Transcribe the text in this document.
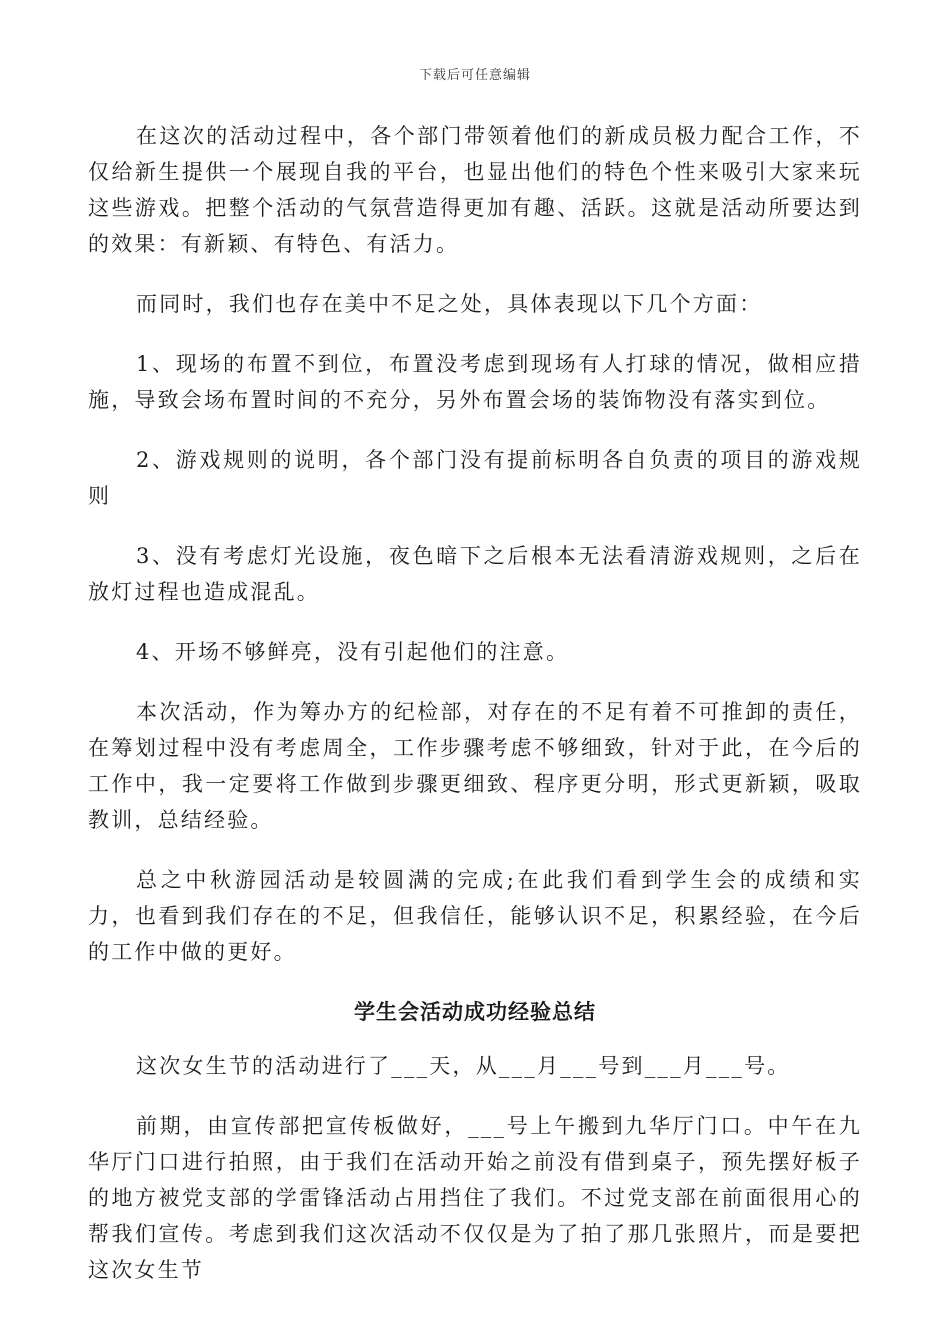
下载后可任意编辑

在这次的活动过程中，各个部门带领着他们的新成员极力配合工作，不仅给新生提供一个展现自我的平台，也显出他们的特色个性来吸引大家来玩这些游戏。把整个活动的气氛营造得更加有趣、活跃。这就是活动所要达到的效果：有新颖、有特色、有活力。

而同时，我们也存在美中不足之处，具体表现以下几个方面：

1、现场的布置不到位，布置没考虑到现场有人打球的情况，做相应措施，导致会场布置时间的不充分，另外布置会场的装饰物没有落实到位。

2、游戏规则的说明，各个部门没有提前标明各自负责的项目的游戏规则

3、没有考虑灯光设施，夜色暗下之后根本无法看清游戏规则，之后在放灯过程也造成混乱。

4、开场不够鲜亮，没有引起他们的注意。

本次活动，作为筹办方的纪检部，对存在的不足有着不可推卸的责任，在筹划过程中没有考虑周全，工作步骤考虑不够细致，针对于此，在今后的工作中，我一定要将工作做到步骤更细致、程序更分明，形式更新颖，吸取教训，总结经验。

总之中秋游园活动是较圆满的完成;在此我们看到学生会的成绩和实力，也看到我们存在的不足，但我信任，能够认识不足，积累经验，在今后的工作中做的更好。

学生会活动成功经验总结

这次女生节的活动进行了___天，从___月___号到___月___号。

前期，由宣传部把宣传板做好，___号上午搬到九华厅门口。中午在九华厅门口进行拍照，由于我们在活动开始之前没有借到桌子，预先摆好板子的地方被党支部的学雷锋活动占用挡住了我们。不过党支部在前面很用心的帮我们宣传。考虑到我们这次活动不仅仅是为了拍了那几张照片，而是要把这次女生节
